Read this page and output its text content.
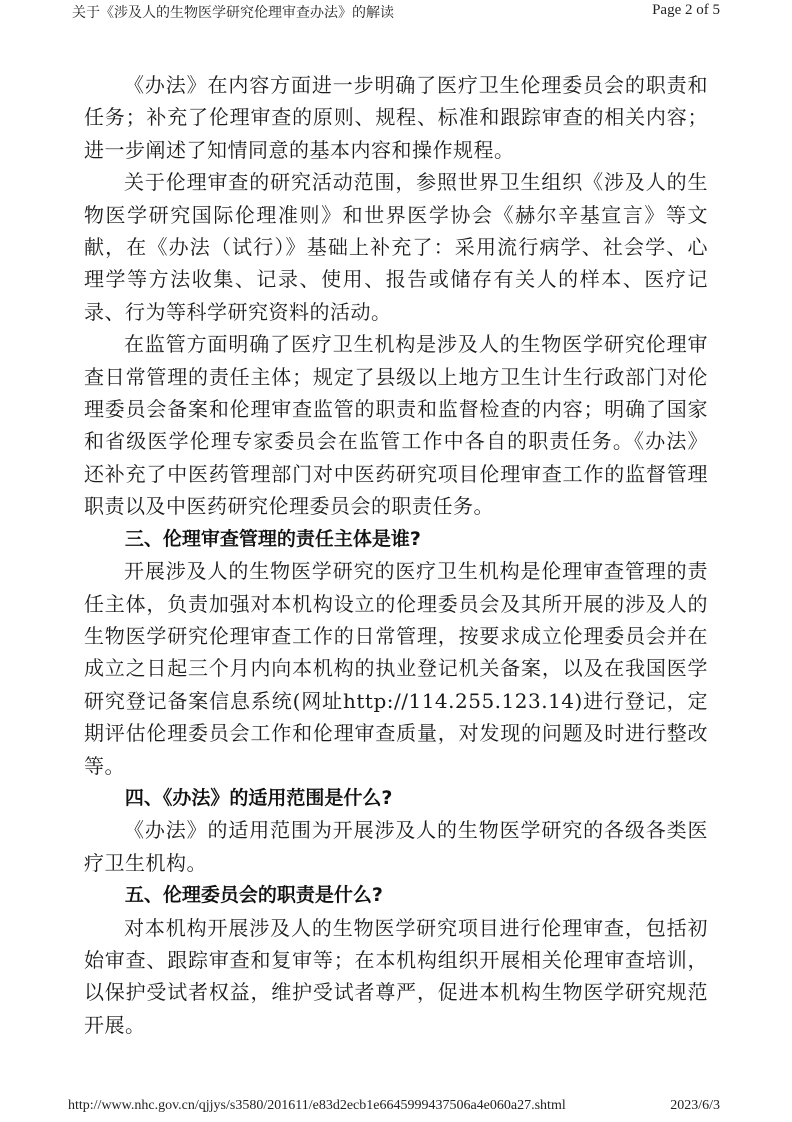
关于《涉及人的生物医学研究伦理审查办法》的解读	Page 2 of 5

《办法》在内容方面进一步明确了医疗卫生伦理委员会的职责和任务；补充了伦理审查的原则、规程、标准和跟踪审查的相关内容；进一步阐述了知情同意的基本内容和操作规程。

关于伦理审查的研究活动范围，参照世界卫生组织《涉及人的生物医学研究国际伦理准则》和世界医学协会《赫尔辛基宣言》等文献，在《办法（试行）》基础上补充了：采用流行病学、社会学、心理学等方法收集、记录、使用、报告或储存有关人的样本、医疗记录、行为等科学研究资料的活动。

在监管方面明确了医疗卫生机构是涉及人的生物医学研究伦理审查日常管理的责任主体；规定了县级以上地方卫生计生行政部门对伦理委员会备案和伦理审查监管的职责和监督检查的内容；明确了国家和省级医学伦理专家委员会在监管工作中各自的职责任务。《办法》还补充了中医药管理部门对中医药研究项目伦理审查工作的监督管理职责以及中医药研究伦理委员会的职责任务。

三、伦理审查管理的责任主体是谁?

开展涉及人的生物医学研究的医疗卫生机构是伦理审查管理的责任主体，负责加强对本机构设立的伦理委员会及其所开展的涉及人的生物医学研究伦理审查工作的日常管理，按要求成立伦理委员会并在成立之日起三个月内向本机构的执业登记机关备案，以及在我国医学研究登记备案信息系统(网址http://114.255.123.14)进行登记，定期评估伦理委员会工作和伦理审查质量，对发现的问题及时进行整改等。

四、《办法》的适用范围是什么?

《办法》的适用范围为开展涉及人的生物医学研究的各级各类医疗卫生机构。

五、伦理委员会的职责是什么?

对本机构开展涉及人的生物医学研究项目进行伦理审查，包括初始审查、跟踪审查和复审等；在本机构组织开展相关伦理审查培训，以保护受试者权益，维护受试者尊严，促进本机构生物医学研究规范开展。

http://www.nhc.gov.cn/qjjys/s3580/201611/e83d2ecb1e6645999437506a4e060a27.shtml	2023/6/3
